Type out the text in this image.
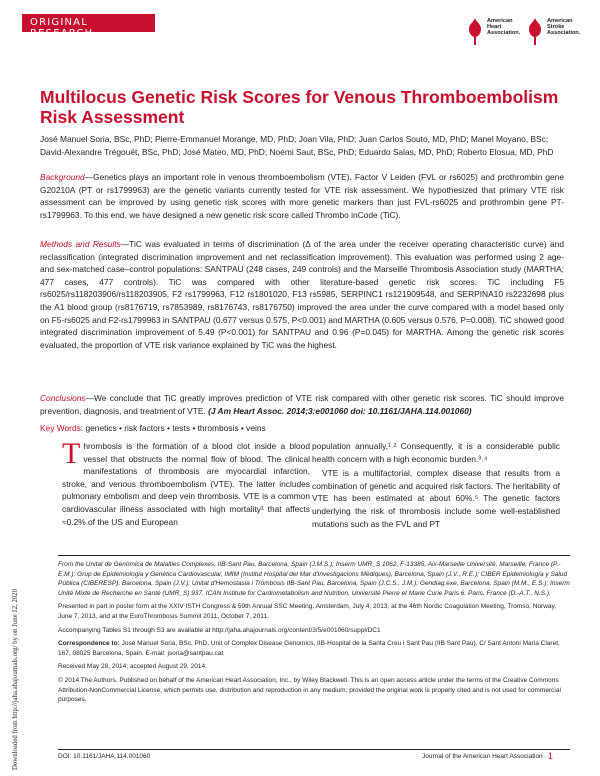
ORIGINAL RESEARCH
American
Heart
Association.
American
Stroke
Association.
Multilocus Genetic Risk Scores for Venous Thromboembolism Risk Assessment

José Manuel Soria, BSc, PhD; Pierre-Emmanuel Morange, MD, PhD; Joan Vila, PhD; Juan Carlos Souto, MD, PhD; Manel Moyano, BSc; David-Alexandre Trégouët, BSc, PhD; José Mateo, MD, PhD; Noémi Saut, BSc, PhD; Eduardo Salas, MD, PhD; Roberto Elosua, MD, PhD

Background—Genetics plays an important role in venous thromboembolism (VTE). Factor V Leiden (FVL or rs6025) and prothrombin gene G20210A (PT or rs1799963) are the genetic variants currently tested for VTE risk assessment. We hypothesized that primary VTE risk assessment can be improved by using genetic risk scores with more genetic markers than just FVL-rs6025 and prothrombin gene PT-rs1799963. To this end, we have designed a new genetic risk score called Thrombo inCode (TiC).

Methods and Results—TiC was evaluated in terms of discrimination (Δ of the area under the receiver operating characteristic curve) and reclassification (integrated discrimination improvement and net reclassification improvement). This evaluation was performed using 2 age- and sex-matched case–control populations: SANTPAU (248 cases, 249 controls) and the Marseille Thrombosis Association study (MARTHA; 477 cases, 477 controls). TiC was compared with other literature-based genetic risk scores. TiC including F5 rs6025/rs118203906/rs118203905, F2 rs1799963, F12 rs1801020, F13 rs5985, SERPINC1 rs121909548, and SERPINA10 rs2232698 plus the A1 blood group (rs8176719, rs7853989, rs8176743, rs8176750) improved the area under the curve compared with a model based only on F5-rs6025 and F2-rs1799963 in SANTPAU (0.677 versus 0.575, P<0.001) and MARTHA (0.605 versus 0.576, P=0.008). TiC showed good integrated discrimination improvement of 5.49 (P<0.001) for SANTPAU and 0.96 (P=0.045) for MARTHA. Among the genetic risk scores evaluated, the proportion of VTE risk variance explained by TiC was the highest.

Conclusions—We conclude that TiC greatly improves prediction of VTE risk compared with other genetic risk scores. TiC should improve prevention, diagnosis, and treatment of VTE. (J Am Heart Assoc. 2014;3:e001060 doi: 10.1161/JAHA.114.001060)

Key Words: genetics • risk factors • tests • thrombosis • veins

Downloaded from http://jaha.ahajournals.org/ by on June 12, 2020
T hrombosis is the formation of a blood clot inside a blood vessel that obstructs the normal flow of blood. The clinical manifestations of thrombosis are myocardial infarction, stroke, and venous thromboembolism (VTE). The latter includes pulmonary embolism and deep vein thrombosis. VTE is a common cardiovascular illness associated with high mortality¹ that affects ≈0.2% of the US and European

population annually.¹˒² Consequently, it is a considerable public health concern with a high economic burden.³˒⁴

VTE is a multifactorial, complex disease that results from a combination of genetic and acquired risk factors. The heritability of VTE has been estimated at about 60%.⁵ The genetic factors underlying the risk of thrombosis include some well-established mutations such as the FVL and PT

From the Unitat de Genòmica de Malalties Complexes, IIB-Sant Pau, Barcelona, Spain (J.M.S.); Inserm UMR_S 1062, F-13385, Aix-Marseille Université, Marseille, France (P.-E.M.); Grup de Epidemiologia y Genètica Cardiovascular, IMIM (Institut Hospital del Mar d'Investigacions Mèdiques), Barcelona, Spain (J.V., R.E.); CIBER Epidemiología y Salud Pública (CIBERESP), Barcelona, Spain (J.V.); Unitat d'Hemostasia i Trombosis IIB-Sant Pau, Barcelona, Spain (J.C.S., J.M.); Gendiag.exe, Barcelona, Spain (M.M., E.S.); Inserm Unité Mixte de Recherche en Santé (UMR_S) 937, ICAN Institute for Cardiometabolism and Nutrition, Université Pierre et Marie Curie Paris 6, Paris, France (D.-A.T., N.S.).

Presented in part in poster form at the XXIV ISTH Congress & 59th Annual SSC Meeting, Amsterdam, July 4, 2013, at the 46th Nordic Coagulation Meeting, Tromso, Norway, June 7, 2013, and at the EuroThrombosis Summit 2011, October 7, 2011.

Accompanying Tables S1 through S3 are available at http://jaha.ahajournals.org/content/3/5/e001060/suppl/DC1

Correspondence to: José Manuel Soria, BSc, PhD, Unit of Complex Disease Genomics, IIB-Hospital de la Santa Creu i Sant Pau (IIB Sant Pau), C/ Sant Antoni Maria Claret, 167, 08025 Barcelona, Spain. E-mail: jsoria@santpau.cat

Received May 28, 2014; accepted August 29, 2014.

© 2014 The Authors. Published on behalf of the American Heart Association, Inc., by Wiley Blackwell. This is an open access article under the terms of the Creative Commons Attribution-NonCommercial License, which permits use, distribution and reproduction in any medium, provided the original work is properly cited and is not used for commercial purposes.

DOI: 10.1161/JAHA.114.001060	Journal of the American Heart Association 1
